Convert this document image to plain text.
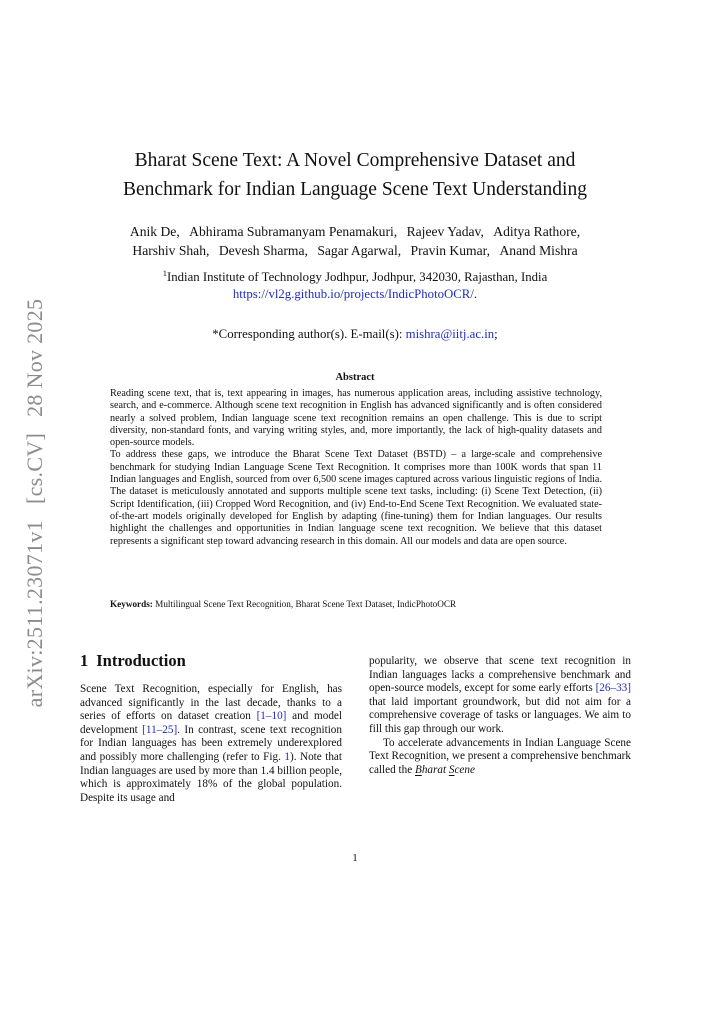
arXiv:2511.23071v1[cs.CV]28 Nov 2025
Bharat Scene Text: A Novel Comprehensive Dataset and
Benchmark for Indian Language Scene Text Understanding
Anik De, Abhirama Subramanyam Penamakuri, Rajeev Yadav, Aditya Rathore,
Harshiv Shah, Devesh Sharma, Sagar Agarwal, Pravin Kumar, Anand Mishra
$^1$Indian Institute of Technology Jodhpur, Jodhpur, 342030, Rajasthan, India
https://vl2g.github.io/projects/IndicPhotoOCR/.
*Corresponding author(s). E-mail(s): mishra@iitj.ac.in;
Abstract

Reading scene text, that is, text appearing in images, has numerous application areas, including assistive technology, search, and e-commerce. Although scene text recognition in English has advanced significantly and is often considered nearly a solved problem, Indian language scene text recognition remains an open challenge. This is due to script diversity, non-standard fonts, and varying writing styles, and, more importantly, the lack of high-quality datasets and open-source models.

To address these gaps, we introduce the Bharat Scene Text Dataset (BSTD) – a large-scale and comprehensive benchmark for studying Indian Language Scene Text Recognition. It comprises more than 100K words that span 11 Indian languages and English, sourced from over 6,500 scene images captured across various linguistic regions of India. The dataset is meticulously annotated and supports multiple scene text tasks, including: (i) Scene Text Detection, (ii) Script Identification, (iii) Cropped Word Recognition, and (iv) End-to-End Scene Text Recognition. We evaluated state-of-the-art models originally developed for English by adapting (fine-tuning) them for Indian languages. Our results highlight the challenges and opportunities in Indian language scene text recognition. We believe that this dataset represents a significant step toward advancing research in this domain. All our models and data are open source.

Keywords: Multilingual Scene Text Recognition, Bharat Scene Text Dataset, IndicPhotoOCR
1 Introduction

Scene Text Recognition, especially for English, has advanced significantly in the last decade, thanks to a series of efforts on dataset creation [1–10] and model development [11–25]. In contrast, scene text recognition for Indian languages has been extremely underexplored and possibly more challenging (refer to Fig. 1). Note that Indian languages are used by more than 1.4 billion people, which is approximately 18% of the global population. Despite its usage and

popularity, we observe that scene text recognition in Indian languages lacks a comprehensive benchmark and open-source models, except for some early efforts [26–33] that laid important groundwork, but did not aim for a comprehensive coverage of tasks or languages. We aim to fill this gap through our work.

To accelerate advancements in Indian Language Scene Text Recognition, we present a comprehensive benchmark called the Bharat Scene

1
